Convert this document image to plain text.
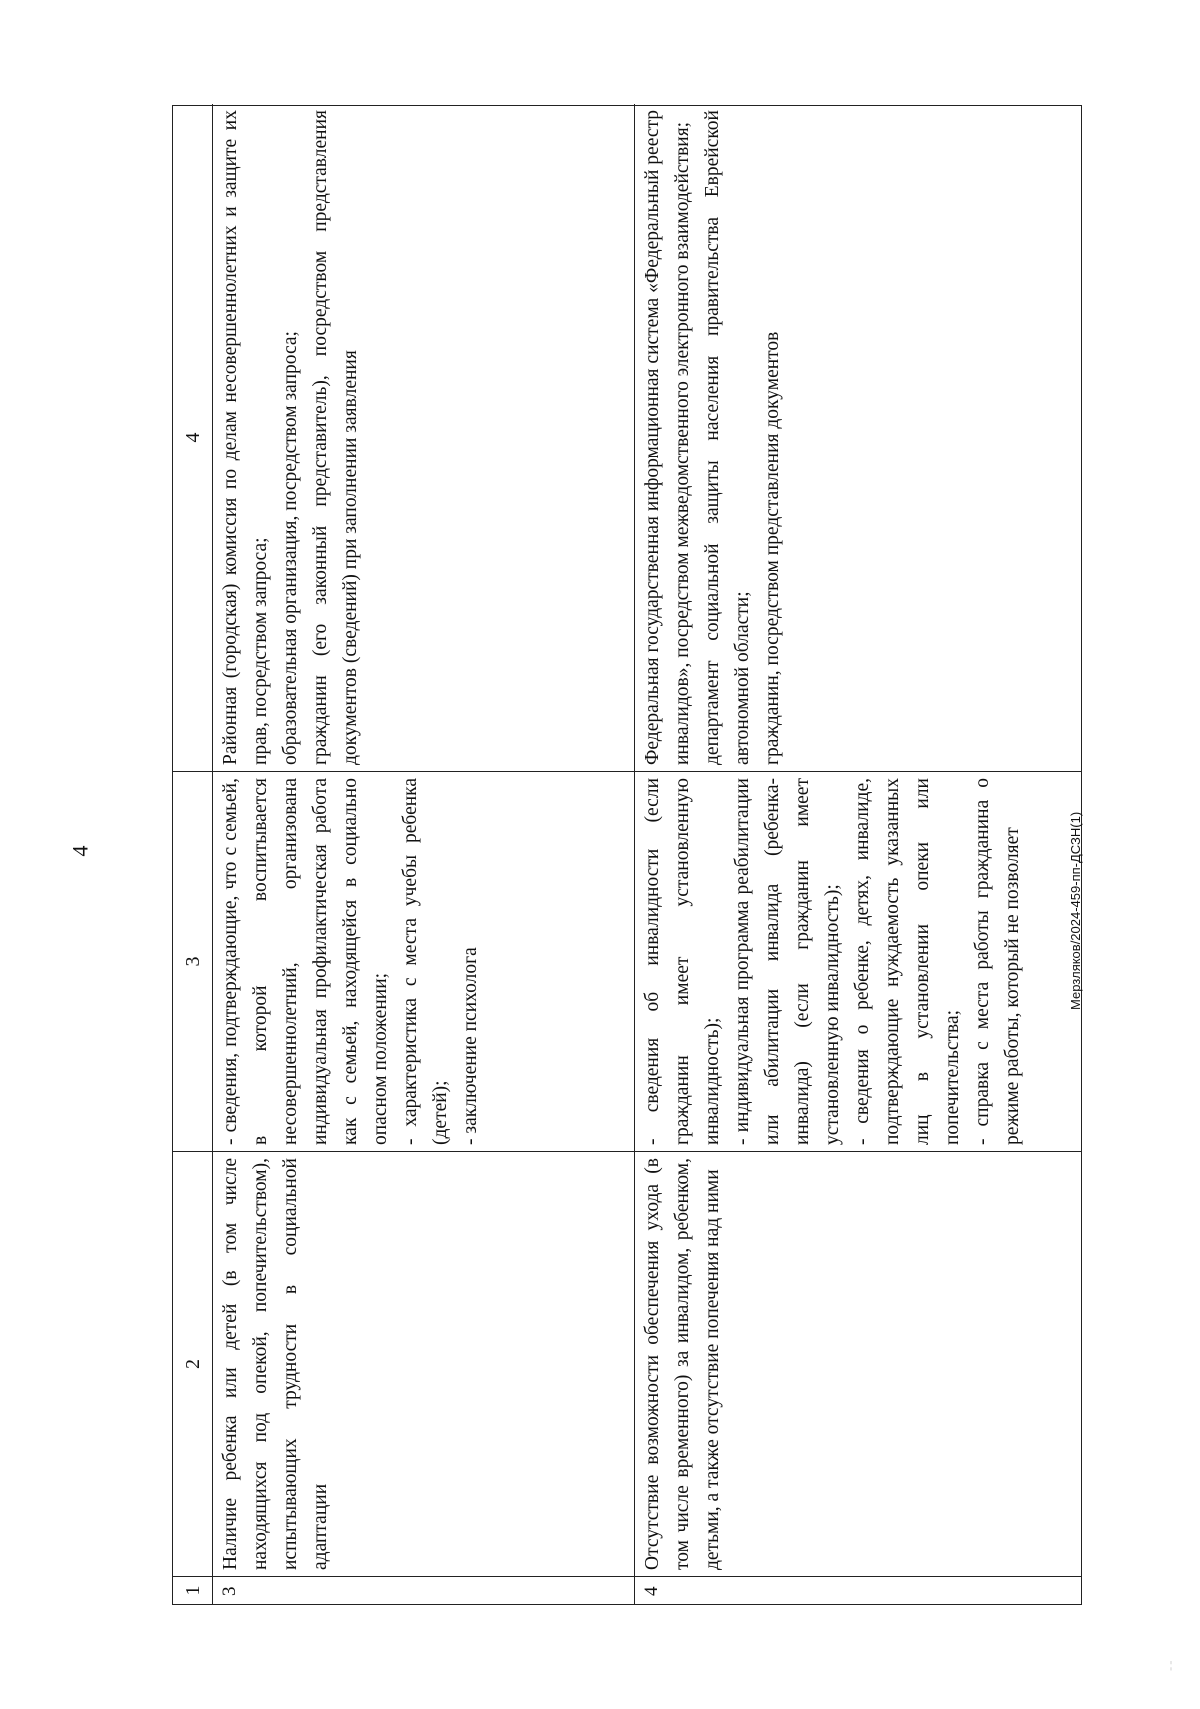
4
1
2
3
4
3
Наличие ребенка или детей (в том числе находящихся под опекой, попечительством), испытывающих трудности в социальной адаптации
- сведения, подтверждающие, что с семьей, в которой воспитывается несовершеннолетний, организована индивидуальная профилактическая работа как с семьей, находящейся в социально опасном положении; - характеристика с места учебы ребенка (детей); - заключение психолога
Районная (городская) комиссия по делам несовершеннолетних и защите их прав, посредством запроса; образовательная организация, посредством запроса; гражданин (его законный представитель), посредством представления документов (сведений) при заполнении заявления
4
Отсутствие возможности обеспечения ухода (в том числе временного) за инвалидом, ребенком, детьми, а также отсутствие попечения над ними
- сведения об инвалидности (если гражданин имеет установленную инвалидность); - индивидуальная программа реабилитации или абилитации инвалида (ребенка-инвалида) (если гражданин имеет установленную инвалидность); - сведения о ребенке, детях, инвалиде, подтверждающие нуждаемость указанных лиц в установлении опеки или попечительства; - справка с места работы гражданина о режиме работы, который не позволяет
Федеральная государственная информационная система «Федеральный реестр инвалидов», посредством межведомственного электронного взаимодействия; департамент социальной защиты населения правительства Еврейской автономной области; гражданин, посредством представления документов
Мерзляков/2024-459-пп-ДСЗН(1)
¦
